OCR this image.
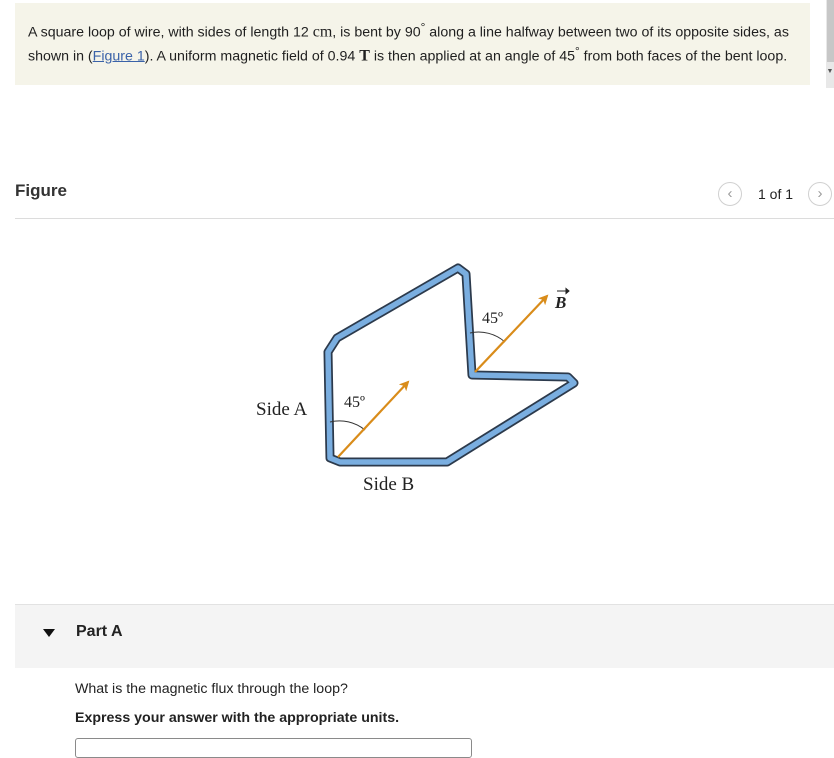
A square loop of wire, with sides of length 12 cm, is bent by 90° along a line halfway between two of its opposite sides, as shown in (Figure 1). A uniform magnetic field of 0.94 T is then applied at an angle of 45° from both faces of the bent loop.
▼
Figure	‹	1 of 1	›
Side A
Side B
45º
45º
B
Part A
What is the magnetic flux through the loop?
Express your answer with the appropriate units.
